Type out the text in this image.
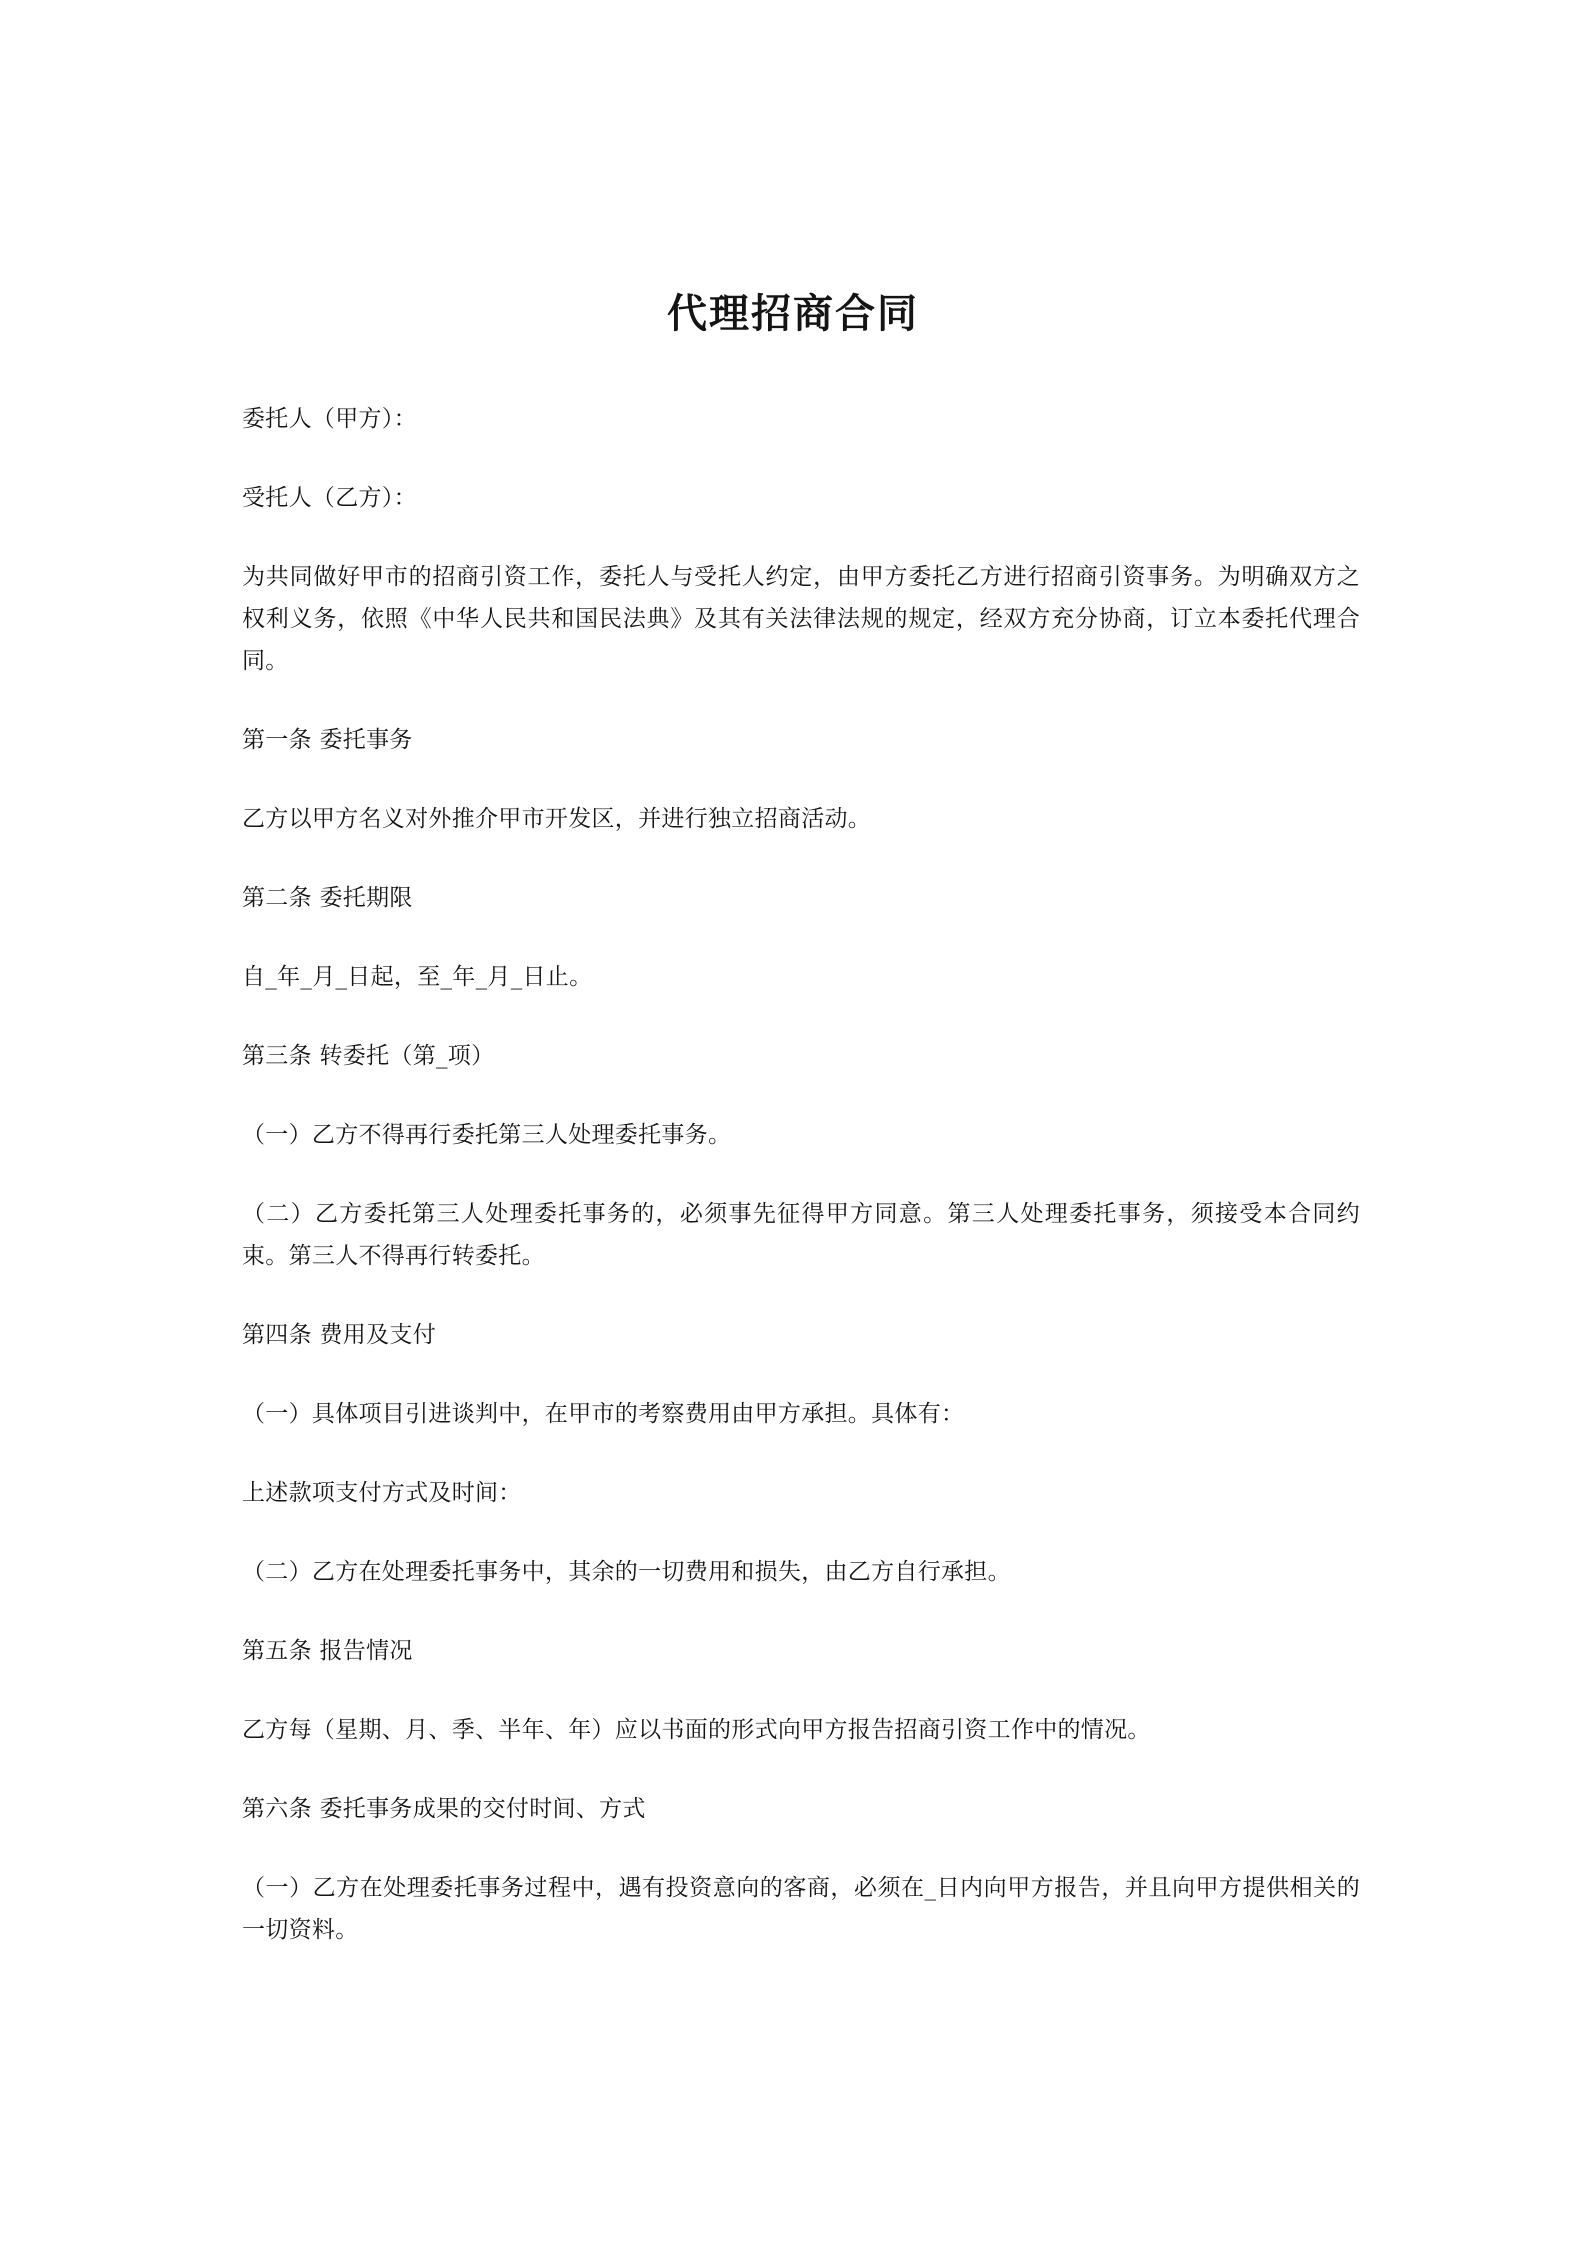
代理招商合同

委托人（甲方）：

受托人（乙方）：

为共同做好甲市的招商引资工作，委托人与受托人约定，由甲方委托乙方进行招商引资事务。为明确双方之权利义务，依照《中华人民共和国民法典》及其有关法律法规的规定，经双方充分协商，订立本委托代理合同。

第一条 委托事务

乙方以甲方名义对外推介甲市开发区，并进行独立招商活动。

第二条 委托期限

自_年_月_日起，至_年_月_日止。

第三条 转委托（第_项）

（一）乙方不得再行委托第三人处理委托事务。

（二）乙方委托第三人处理委托事务的，必须事先征得甲方同意。第三人处理委托事务，须接受本合同约束。第三人不得再行转委托。

第四条 费用及支付

（一）具体项目引进谈判中，在甲市的考察费用由甲方承担。具体有：

上述款项支付方式及时间：

（二）乙方在处理委托事务中，其余的一切费用和损失，由乙方自行承担。

第五条 报告情况

乙方每（星期、月、季、半年、年）应以书面的形式向甲方报告招商引资工作中的情况。

第六条 委托事务成果的交付时间、方式

（一）乙方在处理委托事务过程中，遇有投资意向的客商，必须在_日内向甲方报告，并且向甲方提供相关的一切资料。
